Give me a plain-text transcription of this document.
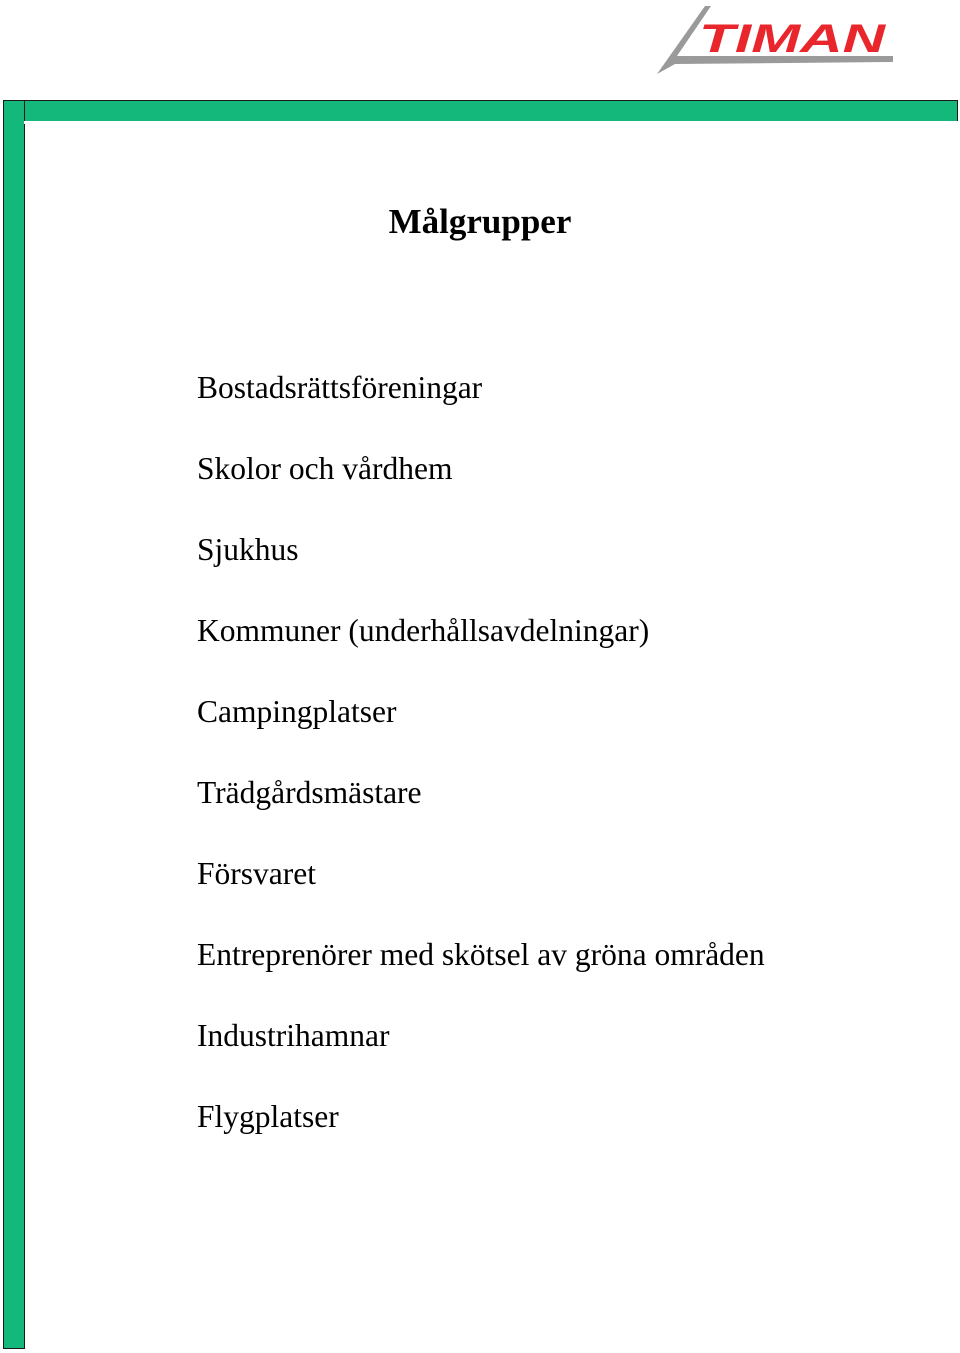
TIMAN
Målgrupper
Bostadsrättsföreningar
Skolor och vårdhem
Sjukhus
Kommuner (underhållsavdelningar)
Campingplatser
Trädgårdsmästare
Försvaret
Entreprenörer med skötsel av gröna områden
Industrihamnar
Flygplatser
